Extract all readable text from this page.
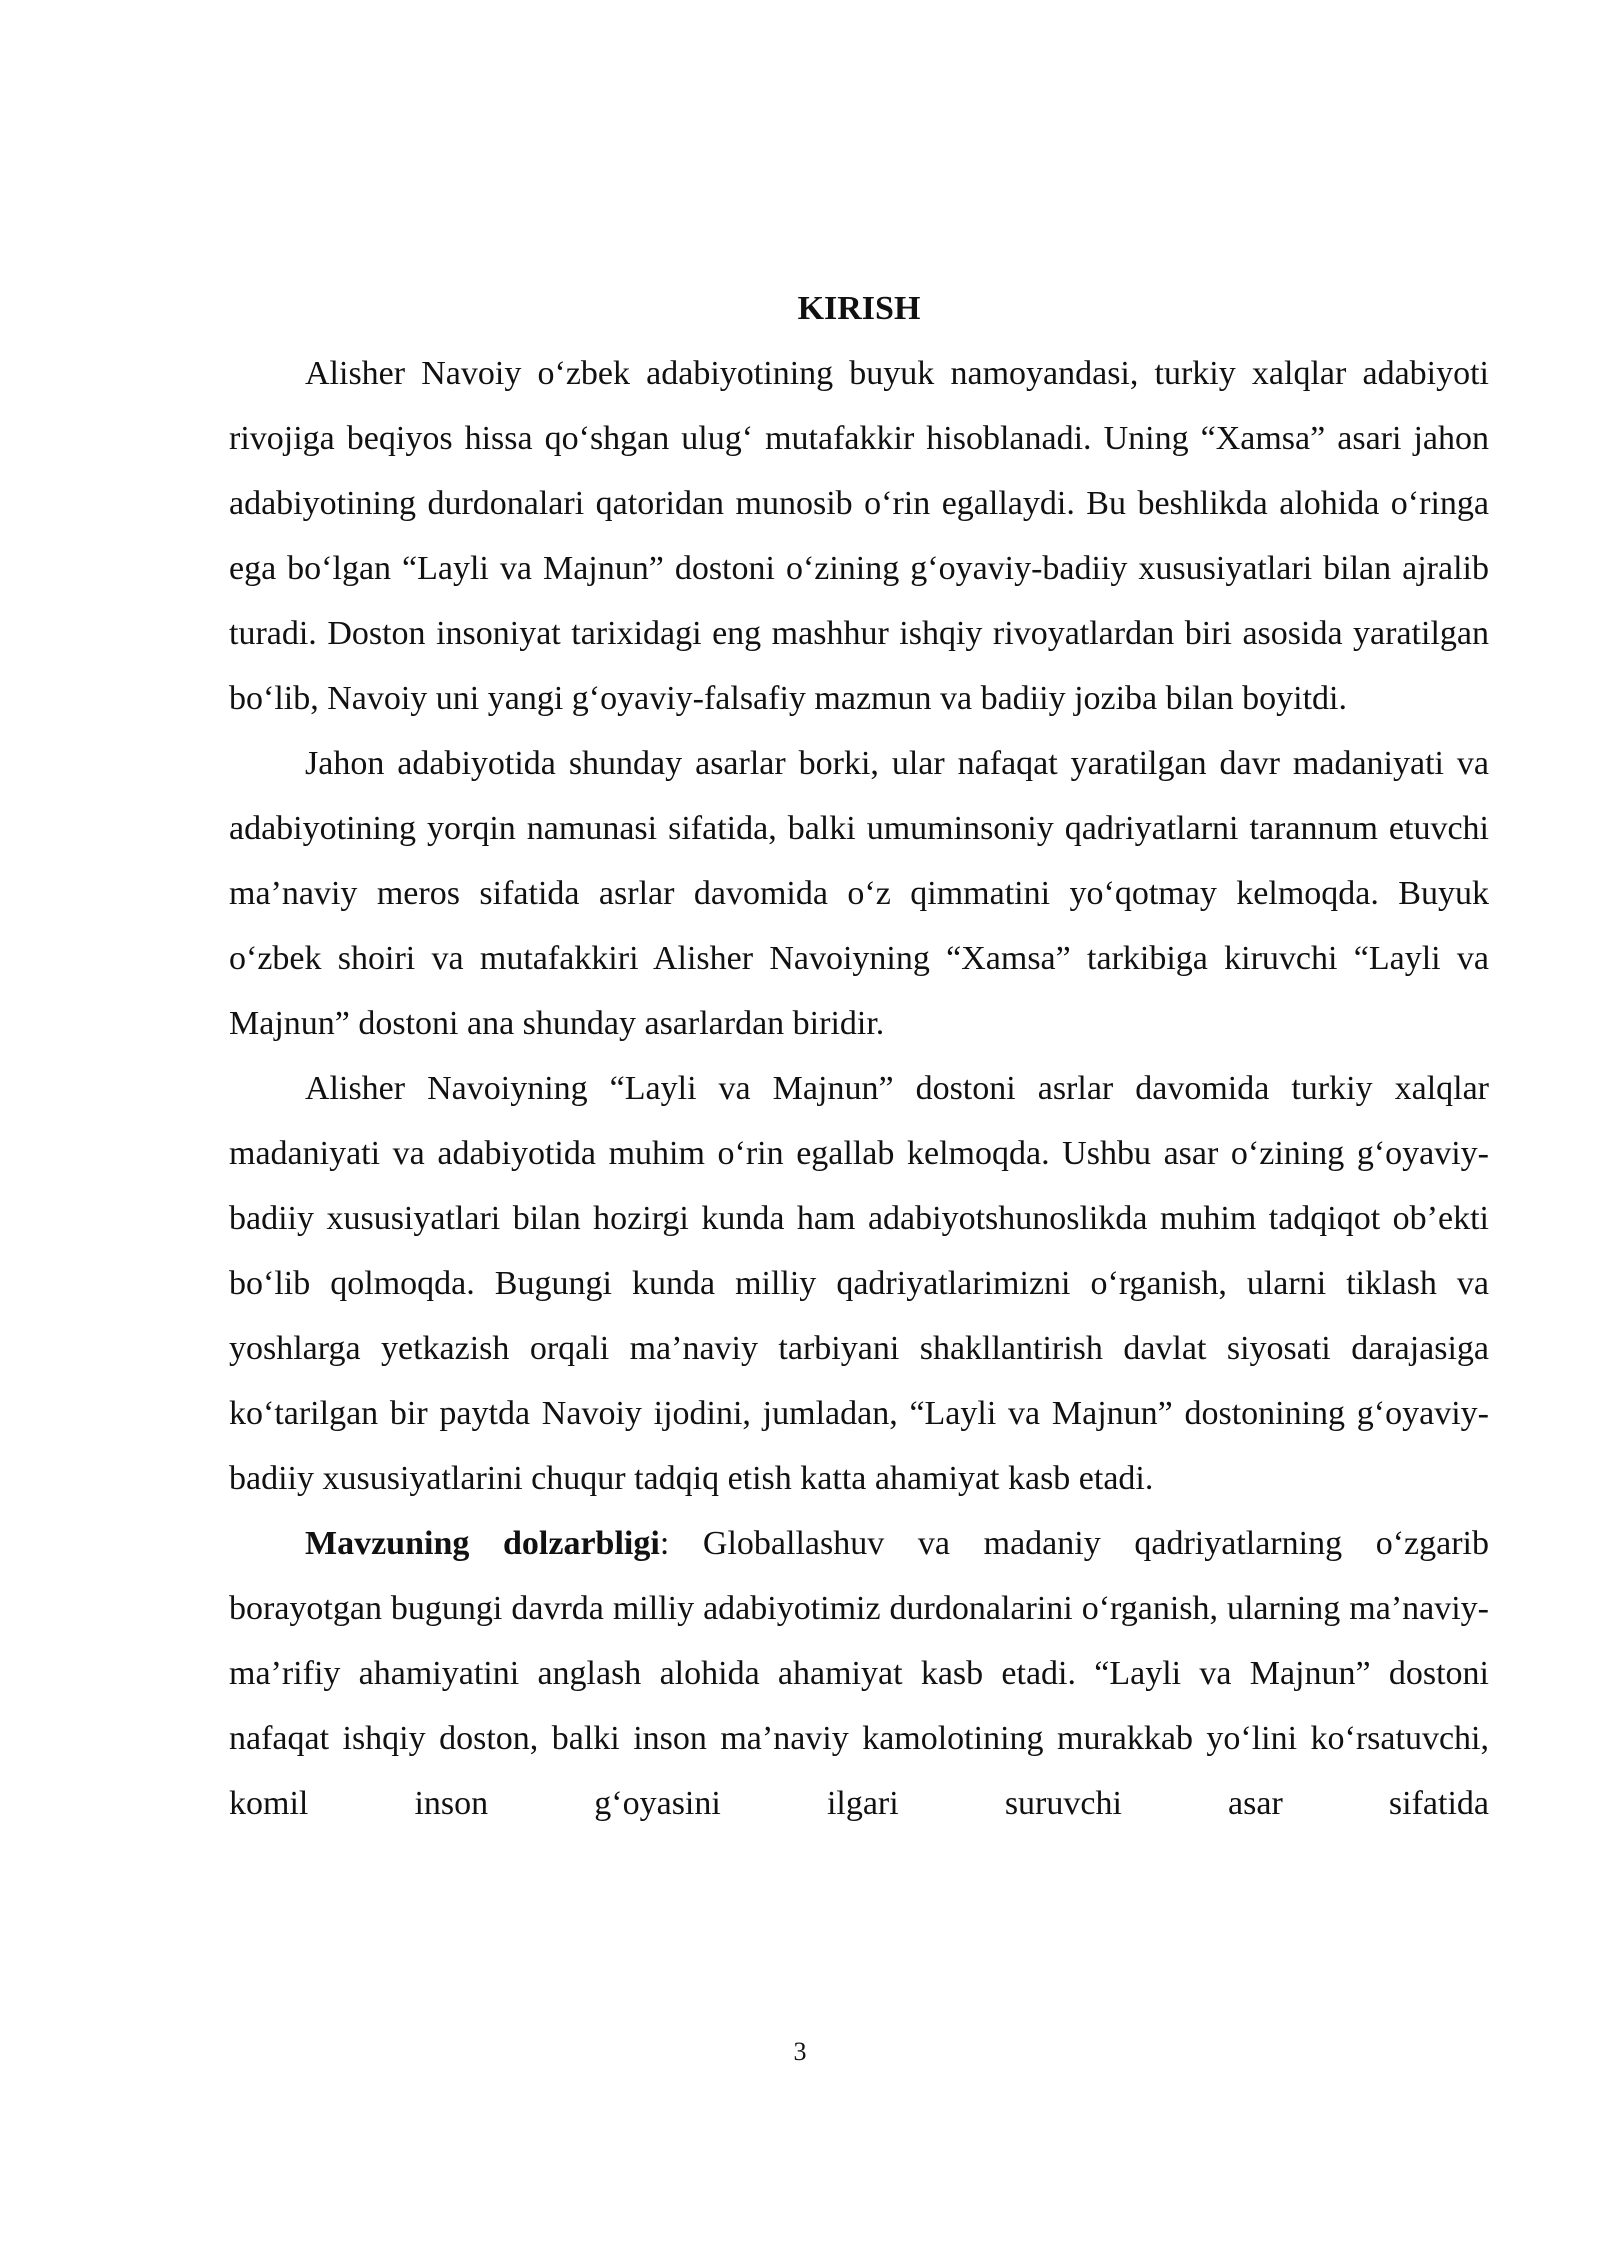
KIRISH

Alisher Navoiy o‘zbek adabiyotining buyuk namoyandasi, turkiy xalqlar adabiyoti rivojiga beqiyos hissa qo‘shgan ulug‘ mutafakkir hisoblanadi. Uning “Xamsa” asari jahon adabiyotining durdonalari qatoridan munosib o‘rin egallaydi. Bu beshlikda alohida o‘ringa ega bo‘lgan “Layli va Majnun” dostoni o‘zining g‘oyaviy-badiiy xususiyatlari bilan ajralib turadi. Doston insoniyat tarixidagi eng mashhur ishqiy rivoyatlardan biri asosida yaratilgan bo‘lib, Navoiy uni yangi g‘oyaviy-falsafiy mazmun va badiiy joziba bilan boyitdi.

Jahon adabiyotida shunday asarlar borki, ular nafaqat yaratilgan davr madaniyati va adabiyotining yorqin namunasi sifatida, balki umuminsoniy qadriyatlarni tarannum etuvchi ma’naviy meros sifatida asrlar davomida o‘z qimmatini yo‘qotmay kelmoqda. Buyuk o‘zbek shoiri va mutafakkiri Alisher Navoiyning “Xamsa” tarkibiga kiruvchi “Layli va Majnun” dostoni ana shunday asarlardan biridir.

Alisher Navoiyning “Layli va Majnun” dostoni asrlar davomida turkiy xalqlar madaniyati va adabiyotida muhim o‘rin egallab kelmoqda. Ushbu asar o‘zining g‘oyaviy-badiiy xususiyatlari bilan hozirgi kunda ham adabiyotshunoslikda muhim tadqiqot ob’ekti bo‘lib qolmoqda. Bugungi kunda milliy qadriyatlarimizni o‘rganish, ularni tiklash va yoshlarga yetkazish orqali ma’naviy tarbiyani shakllantirish davlat siyosati darajasiga ko‘tarilgan bir paytda Navoiy ijodini, jumladan, “Layli va Majnun” dostonining g‘oyaviy-badiiy xususiyatlarini chuqur tadqiq etish katta ahamiyat kasb etadi.

Mavzuning dolzarbligi: Globallashuv va madaniy qadriyatlarning o‘zgarib borayotgan bugungi davrda milliy adabiyotimiz durdonalarini o‘rganish, ularning ma’naviy-ma’rifiy ahamiyatini anglash alohida ahamiyat kasb etadi. “Layli va Majnun” dostoni nafaqat ishqiy doston, balki inson ma’naviy kamolotining murakkab yo‘lini ko‘rsatuvchi, komil inson g‘oyasini ilgari suruvchi asar sifatida

3
